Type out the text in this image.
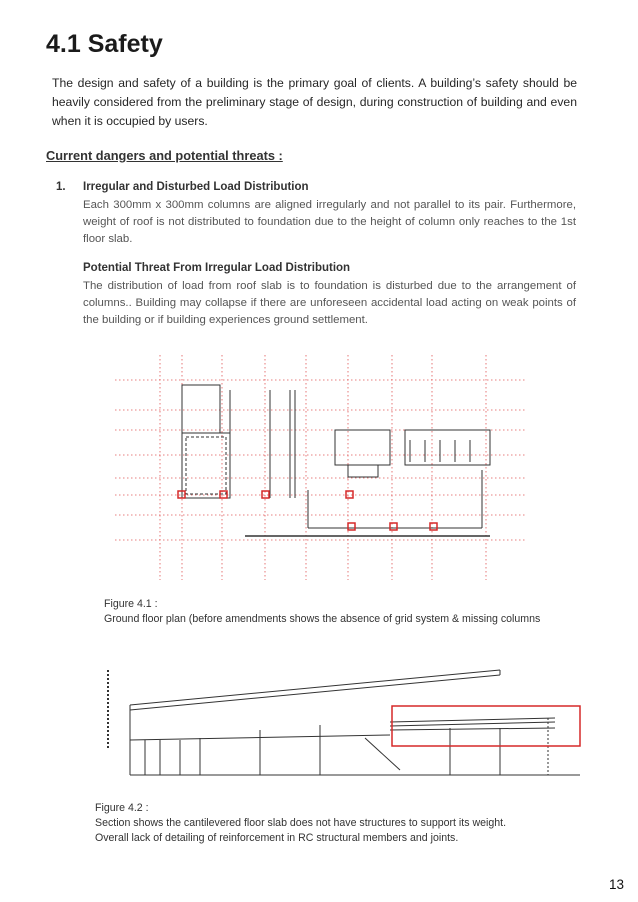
4.1 Safety

The design and safety of a building is the primary goal of clients. A building’s safety should be heavily considered from the preliminary stage of design, during construction of building and even when it is occupied by users.

Current dangers and potential threats :
1. Irregular and Disturbed Load Distribution

Each 300mm x 300mm columns are aligned irregularly and not parallel to its pair. Furthermore, weight of roof is not distributed to foundation due to the height of column only reaches to the 1st floor slab.

Potential Threat From Irregular Load Distribution

The distribution of load from roof slab is to foundation is disturbed due to the arrangement of columns.. Building may collapse if there are unforeseen accidental load acting on weak points of the building or if building experiences ground settlement.

Figure 4.1 :
Ground floor plan (before amendments shows the absence of grid system & missing columns

Figure 4.2 :
Section shows the cantilevered floor slab does not have structures to support its weight.
Overall lack of detailing of reinforcement in RC structural members and joints.

13
